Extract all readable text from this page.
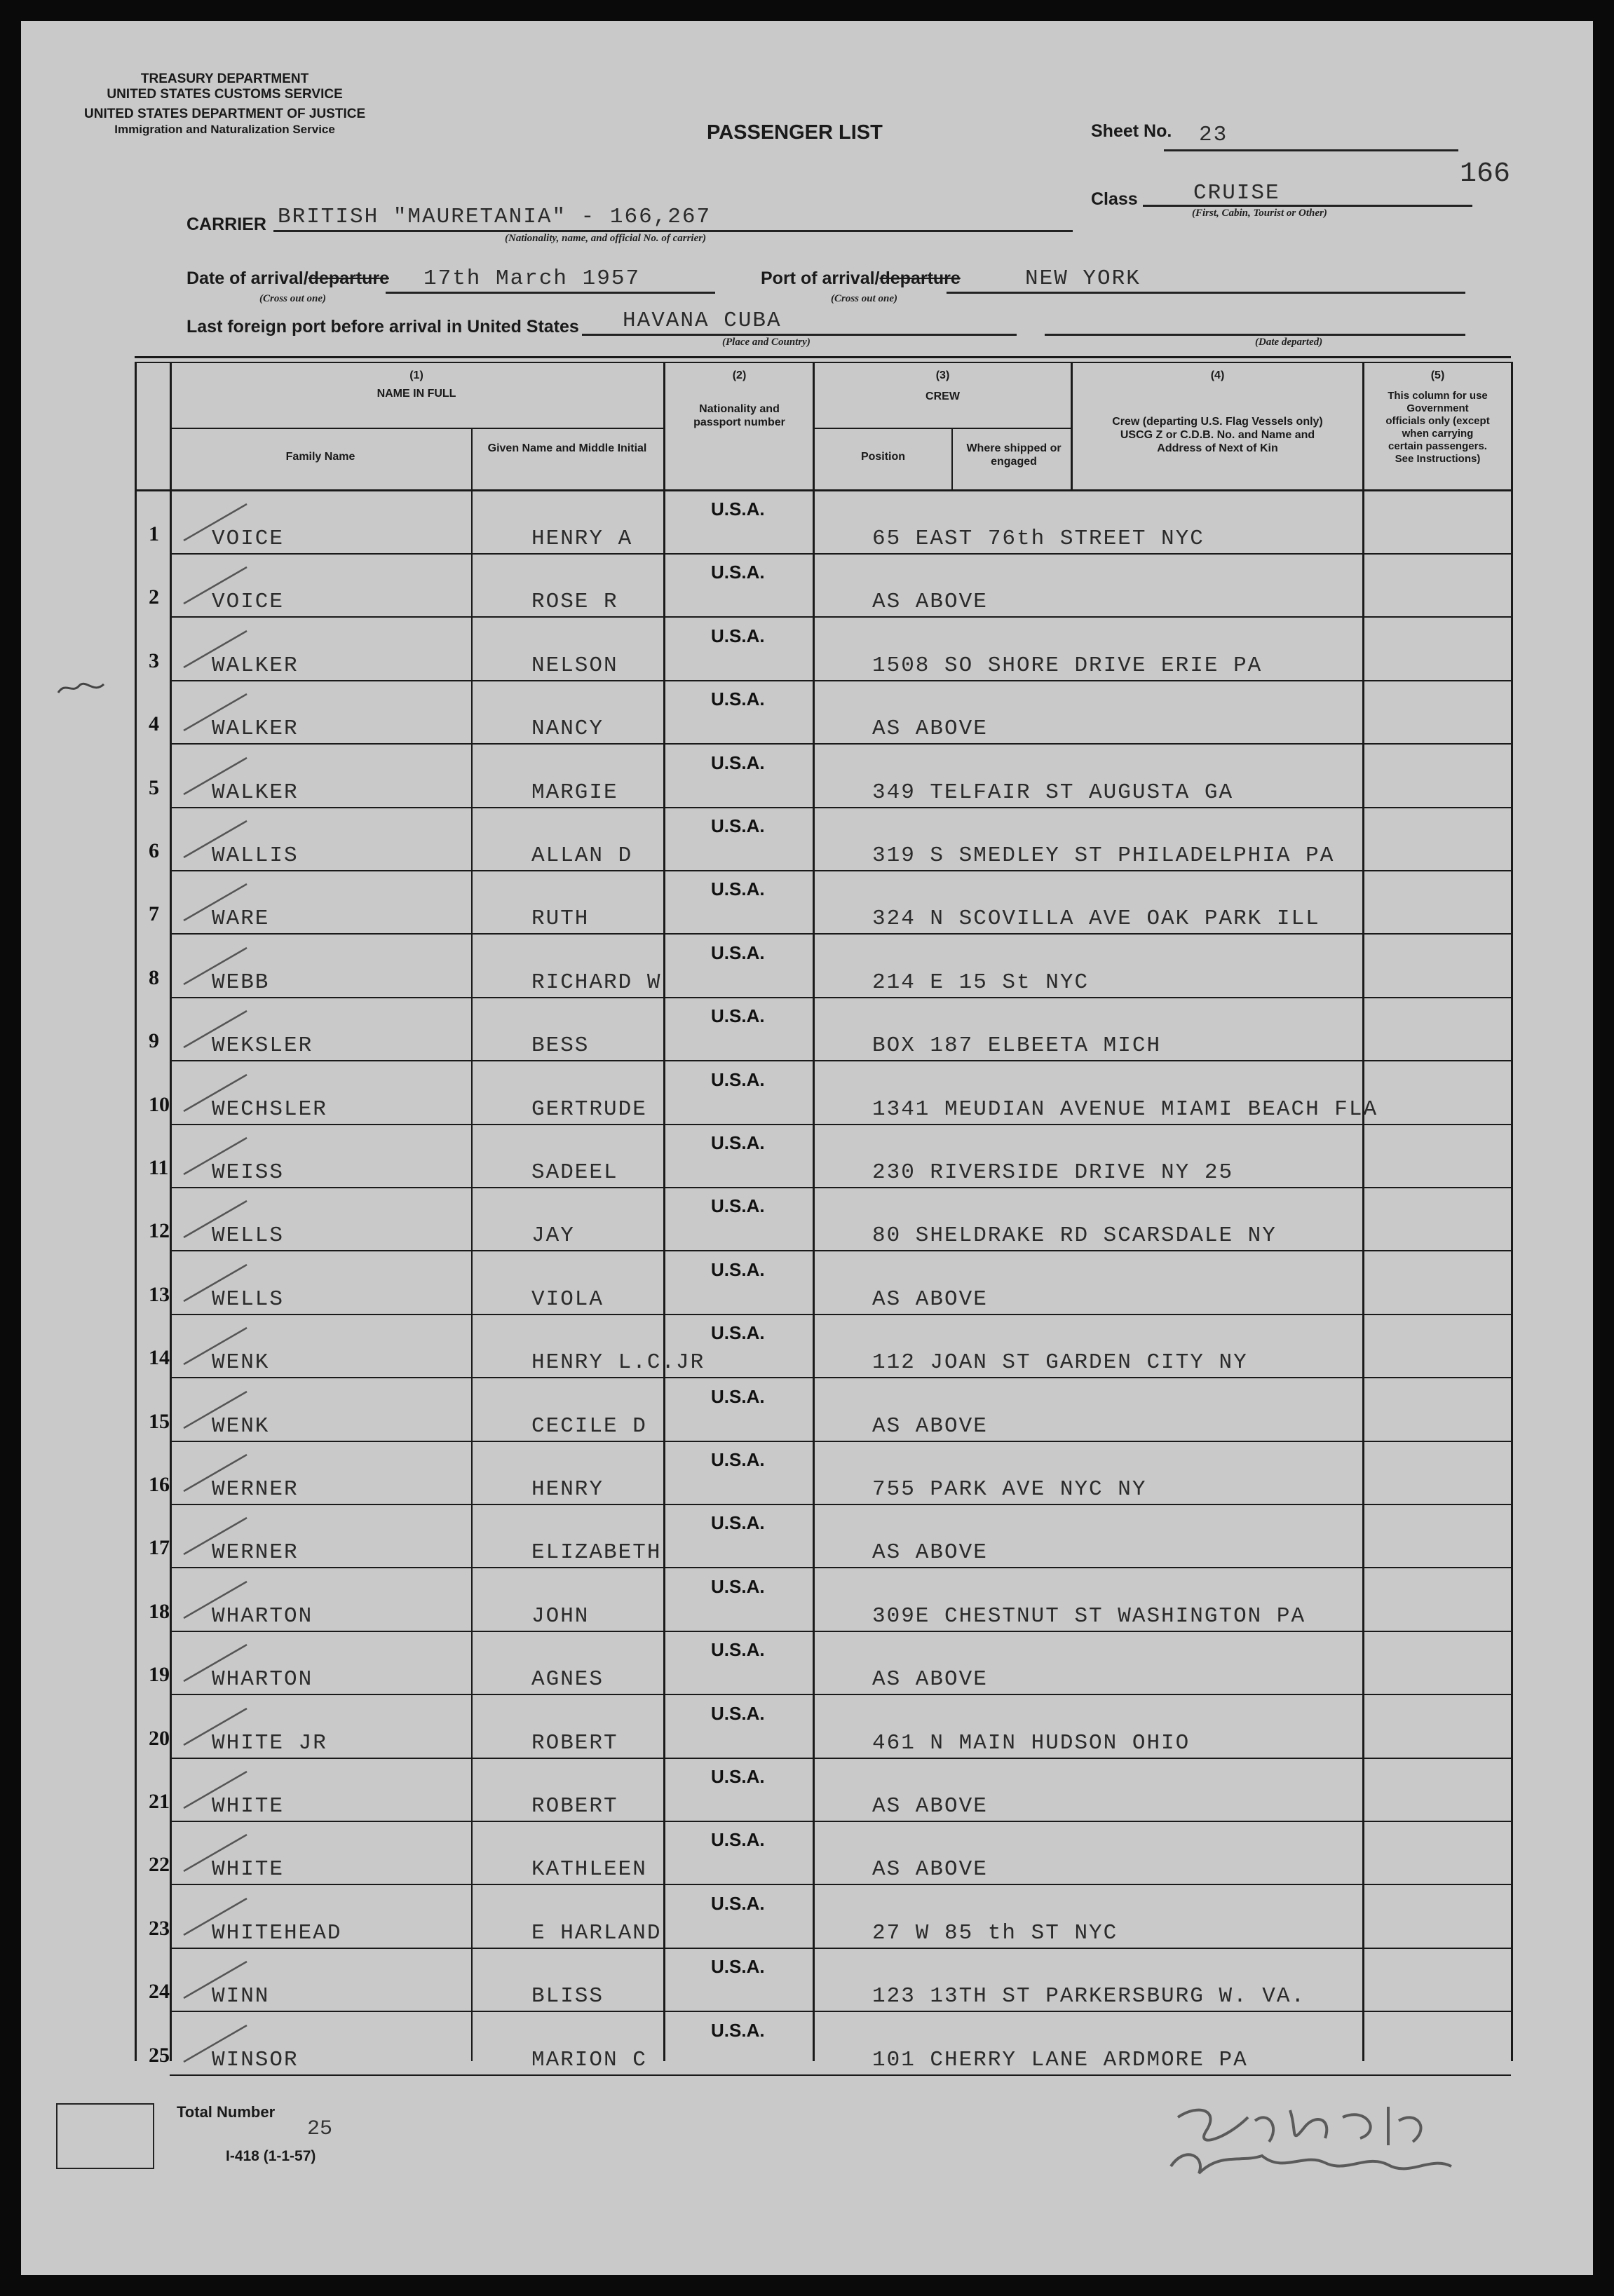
TREASURY DEPARTMENT
UNITED STATES CUSTOMS SERVICE
UNITED STATES DEPARTMENT OF JUSTICE
Immigration and Naturalization Service	PASSENGER LIST	Sheet No. 23
166
Class	CRUISE
(First, Cabin, Tourist or Other)
CARRIER BRITISH "MAURETANIA" - 166,267
(Nationality, name, and official No. of carrier)
Date of arrival/departure 17th March 1957
(Cross out one)
Port of arrival/departure	NEW YORK
(Cross out one)
Last foreign port before arrival in United States HAVANA CUBA
(Place and Country)	(Date departed)
(1)
NAME IN FULL
Family Name
Given Name and Middle Initial
(2)
Nationality and passport number
(3)
CREW
Position
Where shipped or engaged
(4)
Crew (departing U.S. Flag Vessels only) USCG Z or C.D.B. No. and Name and Address of Next of Kin
(5)
This column for use Government officials only (except when carrying certain passengers. See Instructions)
Total Number
25
I-418 (1-1-57)
1 VOICE	HENRY A
U.S.A.
65 EAST 76th STREET NYC
2 VOICE	ROSE R
U.S.A.
AS ABOVE
3 WALKER	NELSON
U.S.A.
1508 SO SHORE DRIVE ERIE PA
4 WALKER	NANCY
U.S.A.
AS ABOVE
5 WALKER	MARGIE
U.S.A.
349 TELFAIR ST AUGUSTA GA
6 WALLIS	ALLAN D
U.S.A.
319 S SMEDLEY ST PHILADELPHIA PA
7 WARE	RUTH
U.S.A.
324 N SCOVILLA AVE OAK PARK ILL
8 WEBB	RICHARD W
U.S.A.
214 E 15 St NYC
9 WEKSLER	BESS
U.S.A.
BOX 187 ELBEETA MICH
10 WECHSLER	GERTRUDE
U.S.A.
1341 MEUDIAN AVENUE MIAMI BEACH FLA
11 WEISS	SADEEL
U.S.A.
230 RIVERSIDE DRIVE NY 25
12 WELLS	JAY
U.S.A.
80 SHELDRAKE RD SCARSDALE NY
13 WELLS	VIOLA
U.S.A.
AS ABOVE
14 WENK	HENRY L.C.JR
U.S.A.
112 JOAN ST GARDEN CITY NY
15 WENK	CECILE D
U.S.A.
AS ABOVE
16 WERNER	HENRY
U.S.A.
755 PARK AVE NYC NY
17 WERNER	ELIZABETH
U.S.A.
AS ABOVE
18 WHARTON	JOHN
U.S.A.
309E CHESTNUT ST WASHINGTON PA
19 WHARTON	AGNES
U.S.A.
AS ABOVE
20 WHITE JR	ROBERT
U.S.A.
461 N MAIN HUDSON OHIO
21 WHITE	ROBERT
U.S.A.
AS ABOVE
22 WHITE	KATHLEEN
U.S.A.
AS ABOVE
23 WHITEHEAD	E HARLAND
U.S.A.
27 W 85 th ST NYC
24 WINN	BLISS
U.S.A.
123 13TH ST PARKERSBURG W. VA.
25 WINSOR	MARION C
U.S.A.
101 CHERRY LANE ARDMORE PA
